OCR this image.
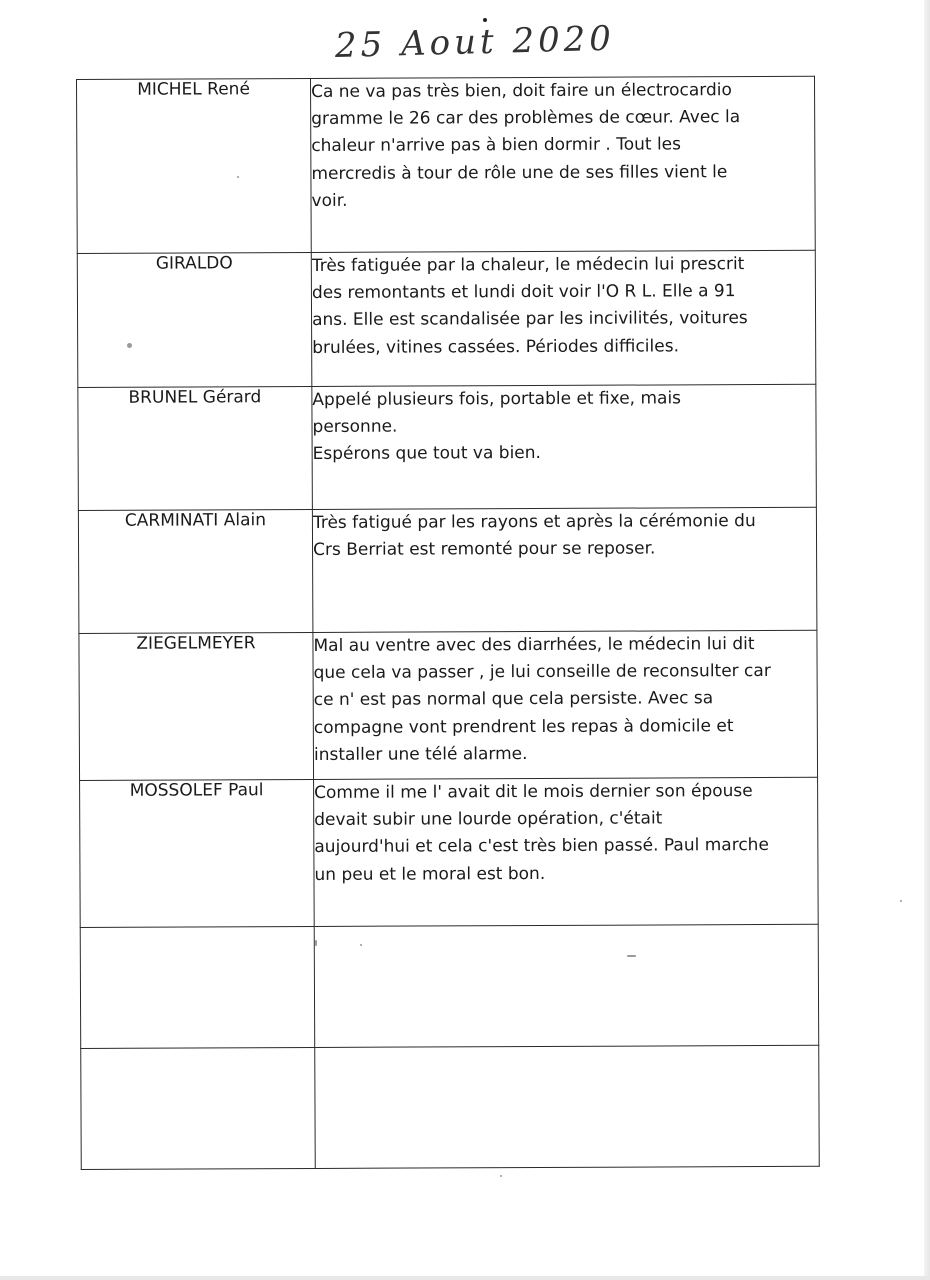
25 Aout 2020
MICHEL René	Ca ne va pas très bien, doit faire un électrocardio
gramme le 26 car des problèmes de cœur. Avec la
chaleur n'arrive pas à bien dormir . Tout les
mercredis à tour de rôle une de ses filles vient le
voir.
GIRALDO	Très fatiguée par la chaleur, le médecin lui prescrit
des remontants et lundi doit voir l'O R L. Elle a 91
ans. Elle est scandalisée par les incivilités, voitures
brulées, vitines cassées. Périodes difficiles.
BRUNEL Gérard	Appelé plusieurs fois, portable et fixe, mais
personne.
Espérons que tout va bien.
CARMINATI Alain	Très fatigué par les rayons et après la cérémonie du
Crs Berriat est remonté pour se reposer.
ZIEGELMEYER	Mal au ventre avec des diarrhées, le médecin lui dit
que cela va passer , je lui conseille de reconsulter car
ce n' est pas normal que cela persiste. Avec sa
compagne vont prendrent les repas à domicile et
installer une télé alarme.
MOSSOLEF Paul	Comme il me l' avait dit le mois dernier son épouse
devait subir une lourde opération, c'était
aujourd'hui et cela c'est très bien passé. Paul marche
un peu et le moral est bon.
